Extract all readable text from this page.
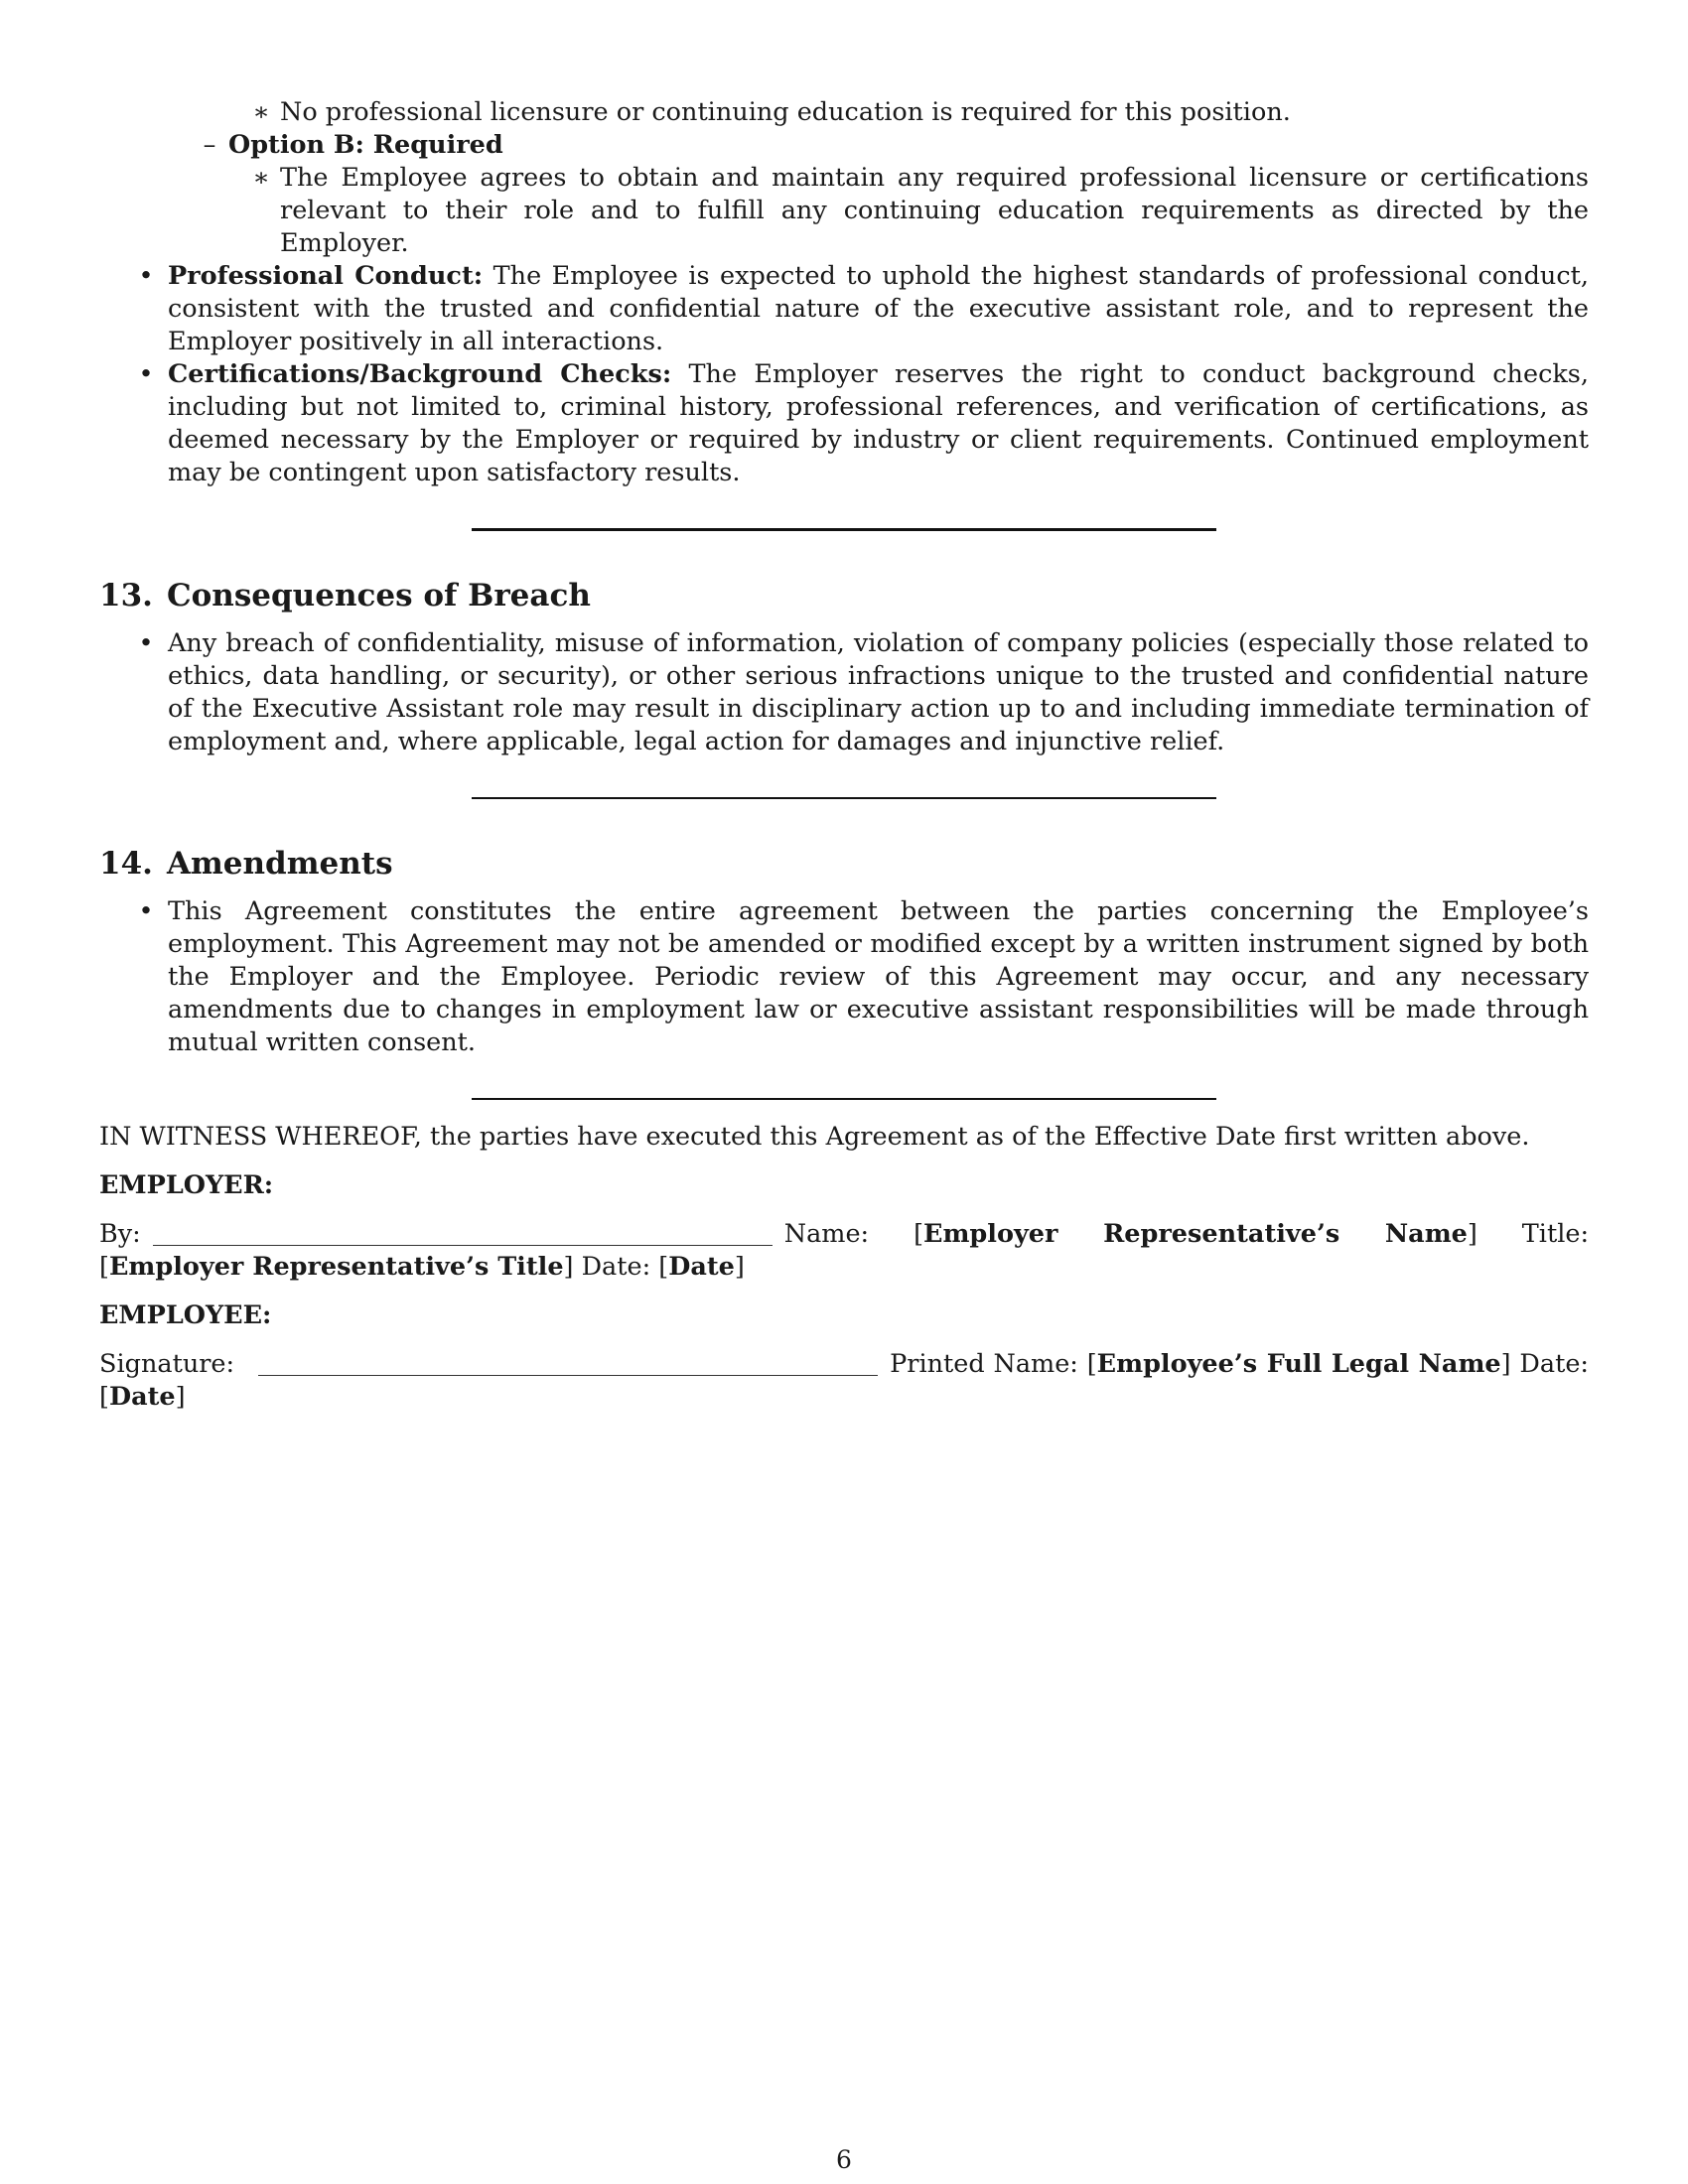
∗ No professional licensure or continuing education is required for this position.
– Option B: Required
∗ The Employee agrees to obtain and maintain any required professional licensure or certifications relevant to their role and to fulfill any continuing education requirements as directed by the Employer.
• Professional Conduct: The Employee is expected to uphold the highest standards of professional conduct, consistent with the trusted and confidential nature of the executive assistant role, and to represent the Employer positively in all interactions.
• Certifications/Background Checks: The Employer reserves the right to conduct background checks, including but not limited to, criminal history, professional references, and verification of certifications, as deemed necessary by the Employer or required by industry or client requirements. Continued employment may be contingent upon satisfactory results.
13. Consequences of Breach
• Any breach of confidentiality, misuse of information, violation of company policies (especially those related to ethics, data handling, or security), or other serious infractions unique to the trusted and confidential nature of the Executive Assistant role may result in disciplinary action up to and including immediate termination of employment and, where applicable, legal action for damages and injunctive relief.
14. Amendments
• This Agreement constitutes the entire agreement between the parties concerning the Employee’s employment. This Agreement may not be amended or modified except by a written instrument signed by both the Employer and the Employee. Periodic review of this Agreement may occur, and any necessary amendments due to changes in employment law or executive assistant responsibilities will be made through mutual written consent.
IN WITNESS WHEREOF, the parties have executed this Agreement as of the Effective Date first written above.
EMPLOYER:
By:	Name: [Employer Representative’s Name] Title: [Employer Representative’s Title] Date: [Date]
EMPLOYEE:
Signature:	Printed Name: [Employee’s Full Legal Name] Date: [Date]
6
